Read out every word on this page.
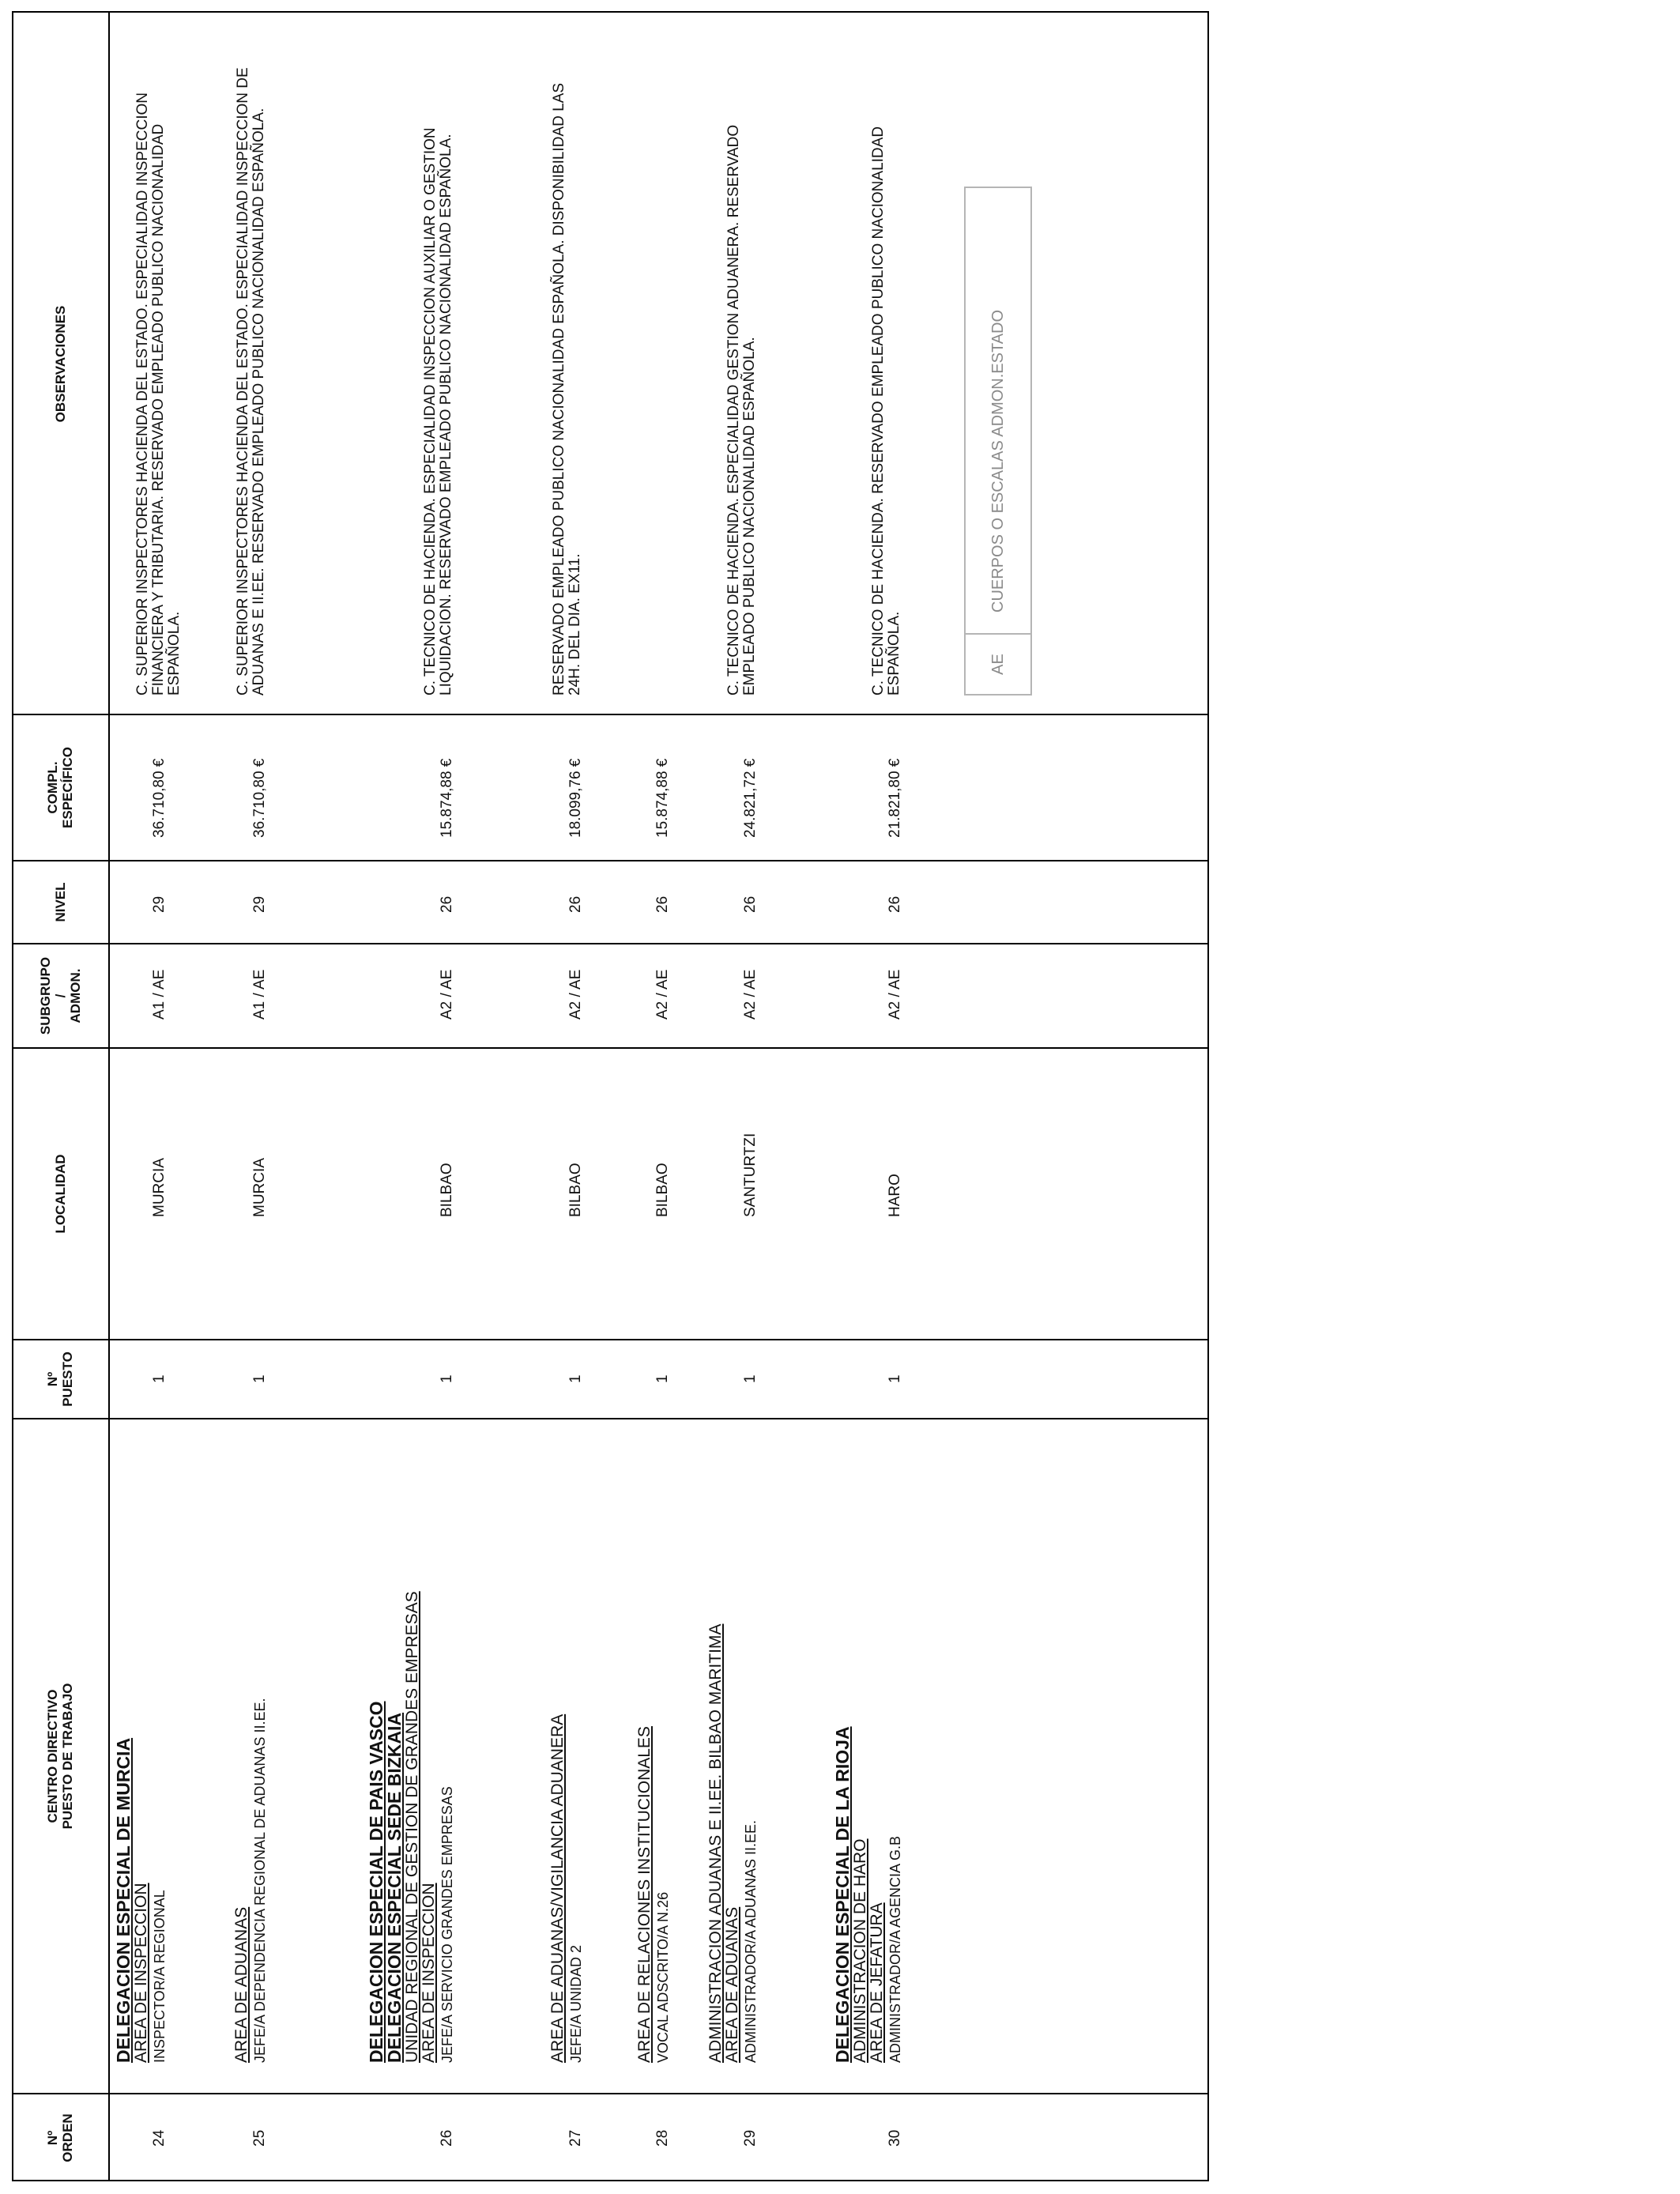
Nº
ORDEN
CENTRO DIRECTIVO
PUESTO DE TRABAJO
Nº
PUESTO
LOCALIDAD
SUBGRUPO
/
ADMON.
NIVEL
COMPL.
ESPECÍFICO
OBSERVACIONES
DELEGACION ESPECIAL DE MURCIA
AREA DE INSPECCION INSPECTOR/A REGIONAL
24
1
MURCIA
A1 / AE
29
36.710,80 €
C. SUPERIOR INSPECTORES HACIENDA DEL ESTADO. ESPECIALIDAD INSPECCION FINANCIERA Y TRIBUTARIA. RESERVADO EMPLEADO PUBLICO NACIONALIDAD ESPAÑOLA.
AREA DE ADUANAS JEFE/A DEPENDENCIA REGIONAL DE ADUANAS II.EE.
25
1
MURCIA
A1 / AE
29
36.710,80 €
C. SUPERIOR INSPECTORES HACIENDA DEL ESTADO. ESPECIALIDAD INSPECCION DE ADUANAS E II.EE. RESERVADO EMPLEADO PUBLICO NACIONALIDAD ESPAÑOLA.
DELEGACION ESPECIAL DE PAIS VASCO
DELEGACION ESPECIAL SEDE BIZKAIA
UNIDAD REGIONAL DE GESTION DE GRANDES EMPRESAS
AREA DE INSPECCION JEFE/A SERVICIO GRANDES EMPRESAS
26
1
BILBAO
A2 / AE
26
15.874,88 €
C. TECNICO DE HACIENDA. ESPECIALIDAD INSPECCION AUXILIAR O GESTION LIQUIDACION. RESERVADO EMPLEADO PUBLICO NACIONALIDAD ESPAÑOLA.
AREA DE ADUANAS/VIGILANCIA ADUANERA JEFE/A UNIDAD 2
27
1
BILBAO
A2 / AE
26
18.099,76 €
RESERVADO EMPLEADO PUBLICO NACIONALIDAD ESPAÑOLA. DISPONIBILIDAD LAS 24H. DEL DIA. EX11.
AREA DE RELACIONES INSTITUCIONALES VOCAL ADSCRITO/A N.26
28
1
BILBAO
A2 / AE
26
15.874,88 €
ADMINISTRACION ADUANAS E II.EE. BILBAO MARITIMA
AREA DE ADUANAS ADMINISTRADOR/A ADUANAS II.EE.
29
1
SANTURTZI
A2 / AE
26
24.821,72 €
C. TECNICO DE HACIENDA. ESPECIALIDAD GESTION ADUANERA. RESERVADO EMPLEADO PUBLICO NACIONALIDAD ESPAÑOLA.
DELEGACION ESPECIAL DE LA RIOJA
ADMINISTRACION DE HARO
AREA DE JEFATURA ADMINISTRADOR/A AGENCIA G.B
30
1
HARO
A2 / AE
26
21.821,80 €
C. TECNICO DE HACIENDA. RESERVADO EMPLEADO PUBLICO NACIONALIDAD ESPAÑOLA.	AE
CUERPOS O ESCALAS ADMON.ESTADO
